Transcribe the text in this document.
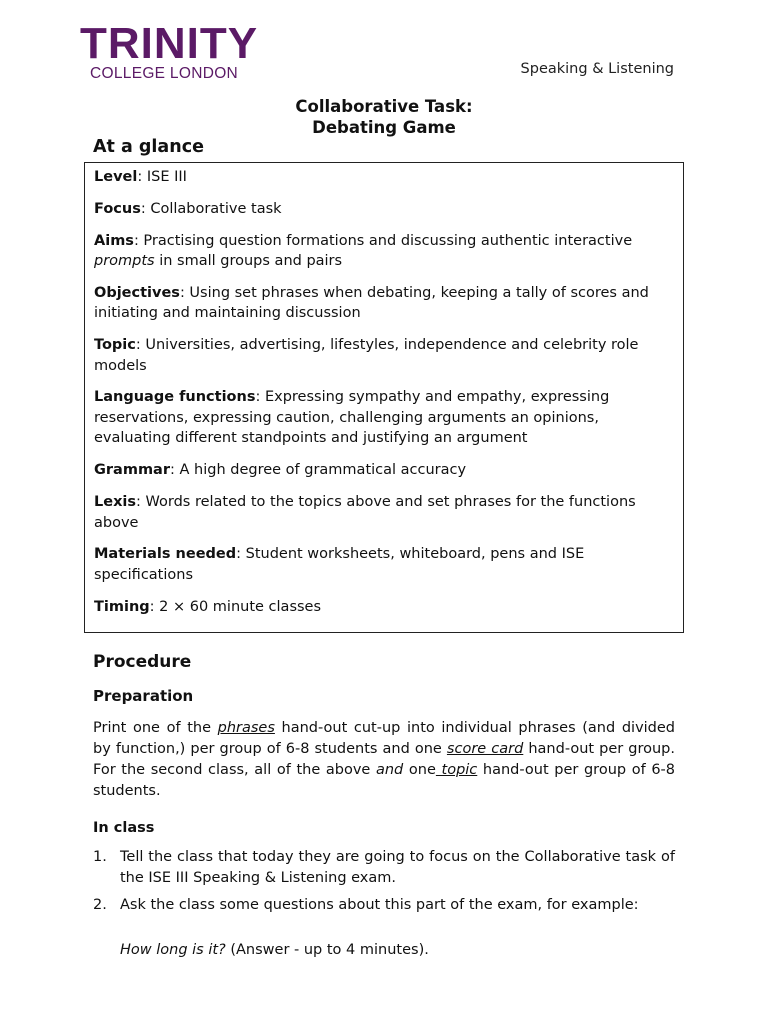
TRINITY
COLLEGE LONDON	Speaking & Listening
Collaborative Task:
Debating Game
At a glance
Level: ISE III
Focus: Collaborative task
Aims: Practising question formations and discussing authentic interactive prompts in small groups and pairs
Objectives: Using set phrases when debating, keeping a tally of scores and initiating and maintaining discussion
Topic: Universities, advertising, lifestyles, independence and celebrity role models
Language functions: Expressing sympathy and empathy, expressing reservations, expressing caution, challenging arguments an opinions, evaluating different standpoints and justifying an argument
Grammar: A high degree of grammatical accuracy
Lexis: Words related to the topics above and set phrases for the functions above
Materials needed: Student worksheets, whiteboard, pens and ISE specifications
Timing: 2 × 60 minute classes
Procedure
Preparation
Print one of the phrases hand-out cut-up into individual phrases (and divided by function,) per group of 6-8 students and one score card hand-out per group. For the second class, all of the above and one topic hand-out per group of 6-8 students.
In class
1. Tell the class that today they are going to focus on the Collaborative task of the ISE III Speaking & Listening exam.
2. Ask the class some questions about this part of the exam, for example:
How long is it? (Answer - up to 4 minutes).
